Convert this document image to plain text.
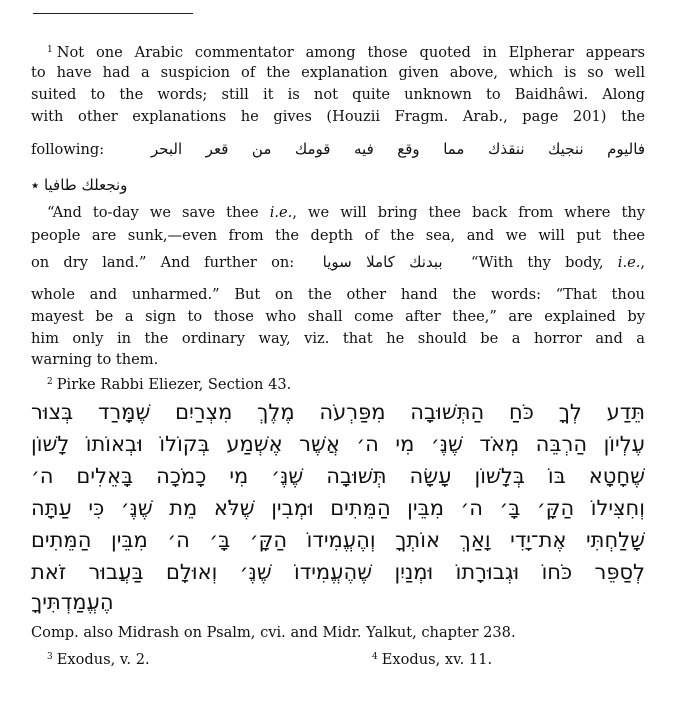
$^1$ Not one Arabic commentator among those quoted in Elpherar appears
to have had a suspicion of the explanation given above, which is so well
suited to the words; still it is not quite unknown to Baidhâwi. Along
with other explanations he gives (Houzii Fragm. Arab., page 201) the
following:	فاليوم ننجيك ننقذك مما وقع فيه قومك من قعر البحر
ونجعلك طافيا ٭
“And to-day we save thee i.e., we will bring thee back from where thy
people are sunk,—even from the depth of the sea, and we will put thee
on dry land.” And further on: ببدنك كاملا سويا “With thy body, i.e.,
whole and unharmed.” But on the other hand the words: “That thou
mayest be a sign to those who shall come after thee,” are explained by
him only in the ordinary way, viz. that he should be a horror and a
warning to them.
$^2$ Pirke Rabbi Eliezer, Section 43.
תֵּדַע לְךָ כֹּחַ הַתְּשׁוּבָה מִפַּרְעֹה מֶלֶךְ מִצְרַיִם שֶׁמָּרַד בְּצוּר
עֶלְיוֹן הַרְבֵּה מְאֹד שֶׁנֶּ׳ מִי ה׳ אֲשֶׁר אֶשְׁמַע בְּקוֹלוֹ וּבְאוֹתוֹ לָשׁוֹן
שֶׁחָטָא בּוֹ בְּלָשׁוֹן עָשָׂה תְּשׁוּבָה שֶׁנֶּ׳ מִי כָמֹכָה בָּאֵלִים ה׳
וְחִצִּילוֹ הַקָּ׳ בָּ׳ ה׳ מִבֵּין הַמֵּתִים וּמְבִין שֶׁלֹּא מֵת שֶׁנֶּ׳ כִּי עַתָּה
שָׁלַחְתִּי אֶת־יָדִי וָאַךְ אוֹתְךָ וְהֶעֱמִידוֹ הַקָּ׳ בָּ׳ ה׳ מִבֵּין הַמֵּתִים
לְסַפֵּר כֹּחוֹ וּגְבוּרָתוֹ וּמְנַיִן שֶׁהֶעֱמִידוֹ שֶׁנֶּ׳ וְאוּלָם בַּעֲבוּר זֹאת
הֶעֱמַדְתִּיךָ
Comp. also Midrash on Psalm, cvi. and Midr. Yalkut, chapter 238.
$^3$ Exodus, v. 2.	$^4$ Exodus, xv. 11.
